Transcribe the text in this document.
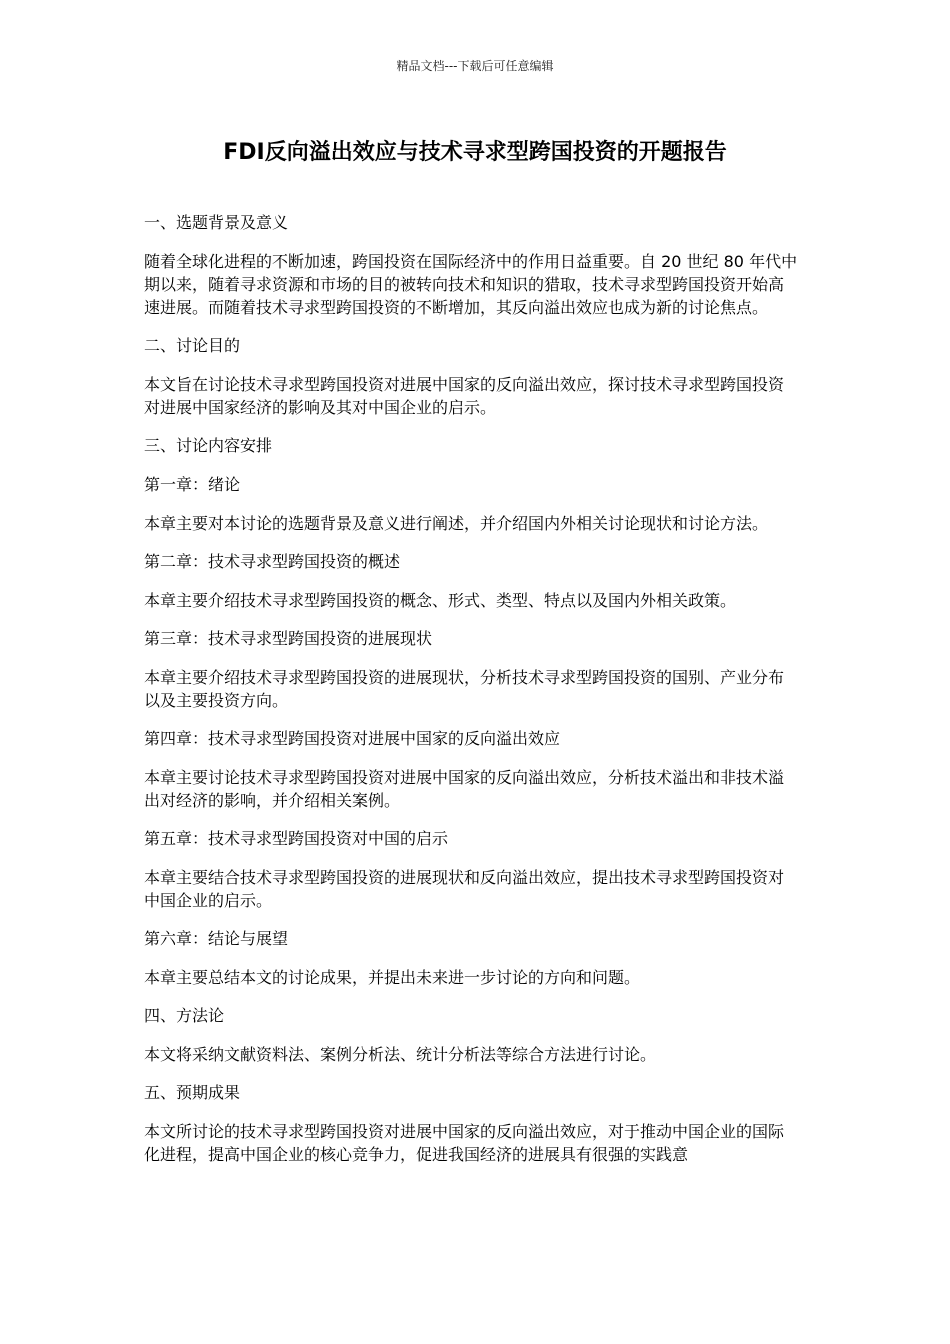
精品文档---下载后可任意编辑
FDI反向溢出效应与技术寻求型跨国投资的开题报告

一、选题背景及意义

随着全球化进程的不断加速，跨国投资在国际经济中的作用日益重要。自 20 世纪 80 年代中期以来，随着寻求资源和市场的目的被转向技术和知识的猎取，技术寻求型跨国投资开始高速进展。而随着技术寻求型跨国投资的不断增加，其反向溢出效应也成为新的讨论焦点。

二、讨论目的

本文旨在讨论技术寻求型跨国投资对进展中国家的反向溢出效应，探讨技术寻求型跨国投资对进展中国家经济的影响及其对中国企业的启示。

三、讨论内容安排

第一章：绪论

本章主要对本讨论的选题背景及意义进行阐述，并介绍国内外相关讨论现状和讨论方法。

第二章：技术寻求型跨国投资的概述

本章主要介绍技术寻求型跨国投资的概念、形式、类型、特点以及国内外相关政策。

第三章：技术寻求型跨国投资的进展现状

本章主要介绍技术寻求型跨国投资的进展现状，分析技术寻求型跨国投资的国别、产业分布以及主要投资方向。

第四章：技术寻求型跨国投资对进展中国家的反向溢出效应

本章主要讨论技术寻求型跨国投资对进展中国家的反向溢出效应，分析技术溢出和非技术溢出对经济的影响，并介绍相关案例。

第五章：技术寻求型跨国投资对中国的启示

本章主要结合技术寻求型跨国投资的进展现状和反向溢出效应，提出技术寻求型跨国投资对中国企业的启示。

第六章：结论与展望

本章主要总结本文的讨论成果，并提出未来进一步讨论的方向和问题。

四、方法论

本文将采纳文献资料法、案例分析法、统计分析法等综合方法进行讨论。

五、预期成果

本文所讨论的技术寻求型跨国投资对进展中国家的反向溢出效应，对于推动中国企业的国际化进程，提高中国企业的核心竞争力，促进我国经济的进展具有很强的实践意
